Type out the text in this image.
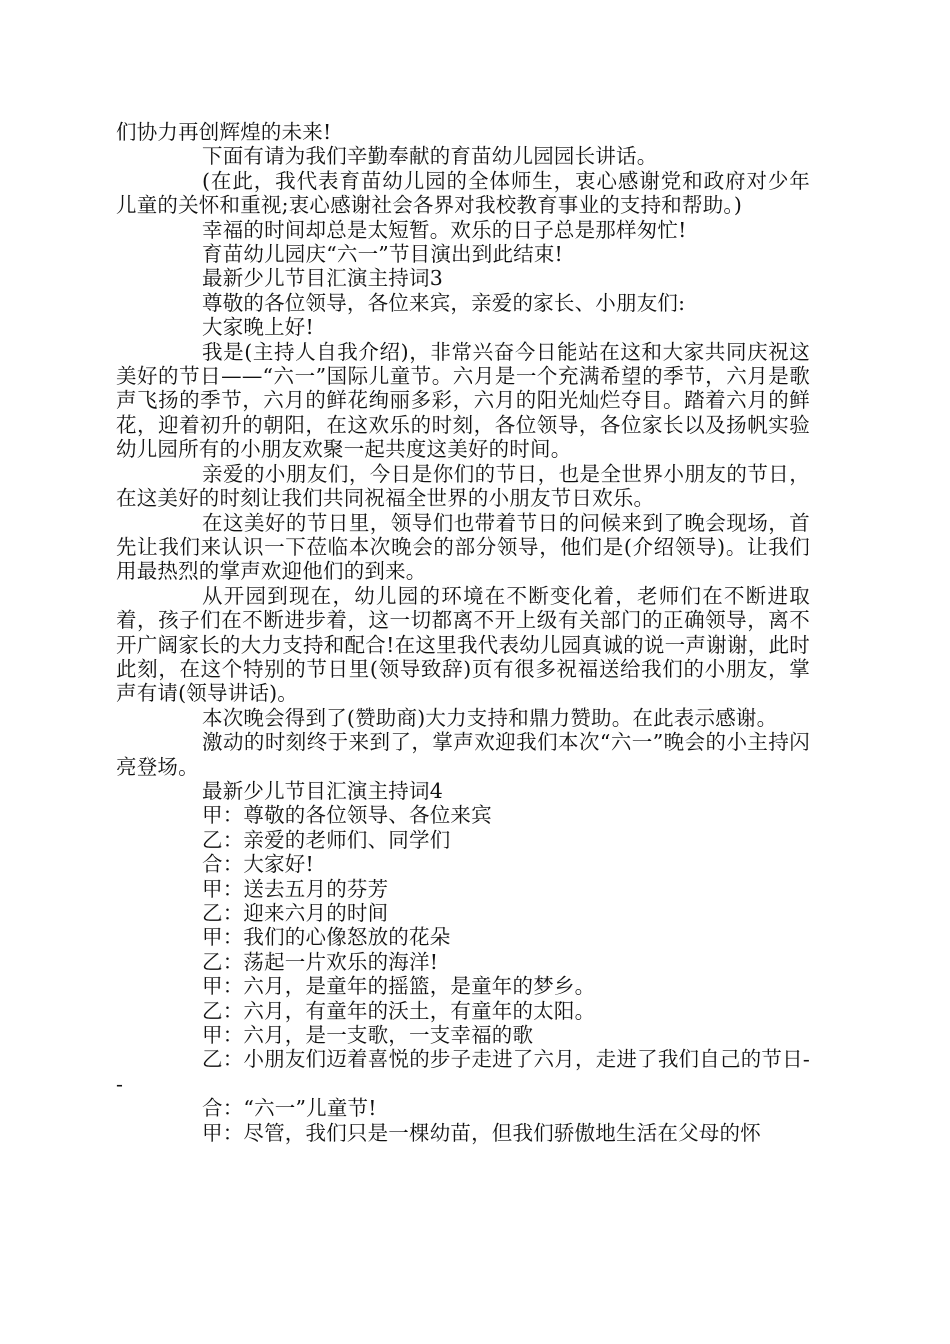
们协力再创辉煌的未来!

下面有请为我们辛勤奉献的育苗幼儿园园长讲话。

(在此，我代表育苗幼儿园的全体师生，衷心感谢党和政府对少年儿童的关怀和重视;衷心感谢社会各界对我校教育事业的支持和帮助。)

幸福的时间却总是太短暂。欢乐的日子总是那样匆忙!

育苗幼儿园庆“六一”节目演出到此结束!

最新少儿节目汇演主持词3

尊敬的各位领导，各位来宾，亲爱的家长、小朋友们:

大家晚上好!

我是(主持人自我介绍)，非常兴奋今日能站在这和大家共同庆祝这美好的节日——“六一”国际儿童节。六月是一个充满希望的季节，六月是歌声飞扬的季节，六月的鲜花绚丽多彩，六月的阳光灿烂夺目。踏着六月的鲜花，迎着初升的朝阳，在这欢乐的时刻，各位领导，各位家长以及扬帆实验幼儿园所有的小朋友欢聚一起共度这美好的时间。

亲爱的小朋友们，今日是你们的节日，也是全世界小朋友的节日，在这美好的时刻让我们共同祝福全世界的小朋友节日欢乐。

在这美好的节日里，领导们也带着节日的问候来到了晚会现场，首先让我们来认识一下莅临本次晚会的部分领导，他们是(介绍领导)。让我们用最热烈的掌声欢迎他们的到来。

从开园到现在，幼儿园的环境在不断变化着，老师们在不断进取着，孩子们在不断进步着，这一切都离不开上级有关部门的正确领导，离不开广阔家长的大力支持和配合!在这里我代表幼儿园真诚的说一声谢谢，此时此刻，在这个特别的节日里(领导致辞)页有很多祝福送给我们的小朋友，掌声有请(领导讲话)。

本次晚会得到了(赞助商)大力支持和鼎力赞助。在此表示感谢。

激动的时刻终于来到了，掌声欢迎我们本次“六一”晚会的小主持闪亮登场。

最新少儿节目汇演主持词4

甲：尊敬的各位领导、各位来宾

乙：亲爱的老师们、同学们

合：大家好!

甲：送去五月的芬芳

乙：迎来六月的时间

甲：我们的心像怒放的花朵

乙：荡起一片欢乐的海洋!

甲：六月，是童年的摇篮，是童年的梦乡。

乙：六月，有童年的沃土，有童年的太阳。

甲：六月，是一支歌，一支幸福的歌

乙：小朋友们迈着喜悦的步子走进了六月，走进了我们自己的节日--

合：“六一”儿童节!

甲：尽管，我们只是一棵幼苗，但我们骄傲地生活在父母的怀
